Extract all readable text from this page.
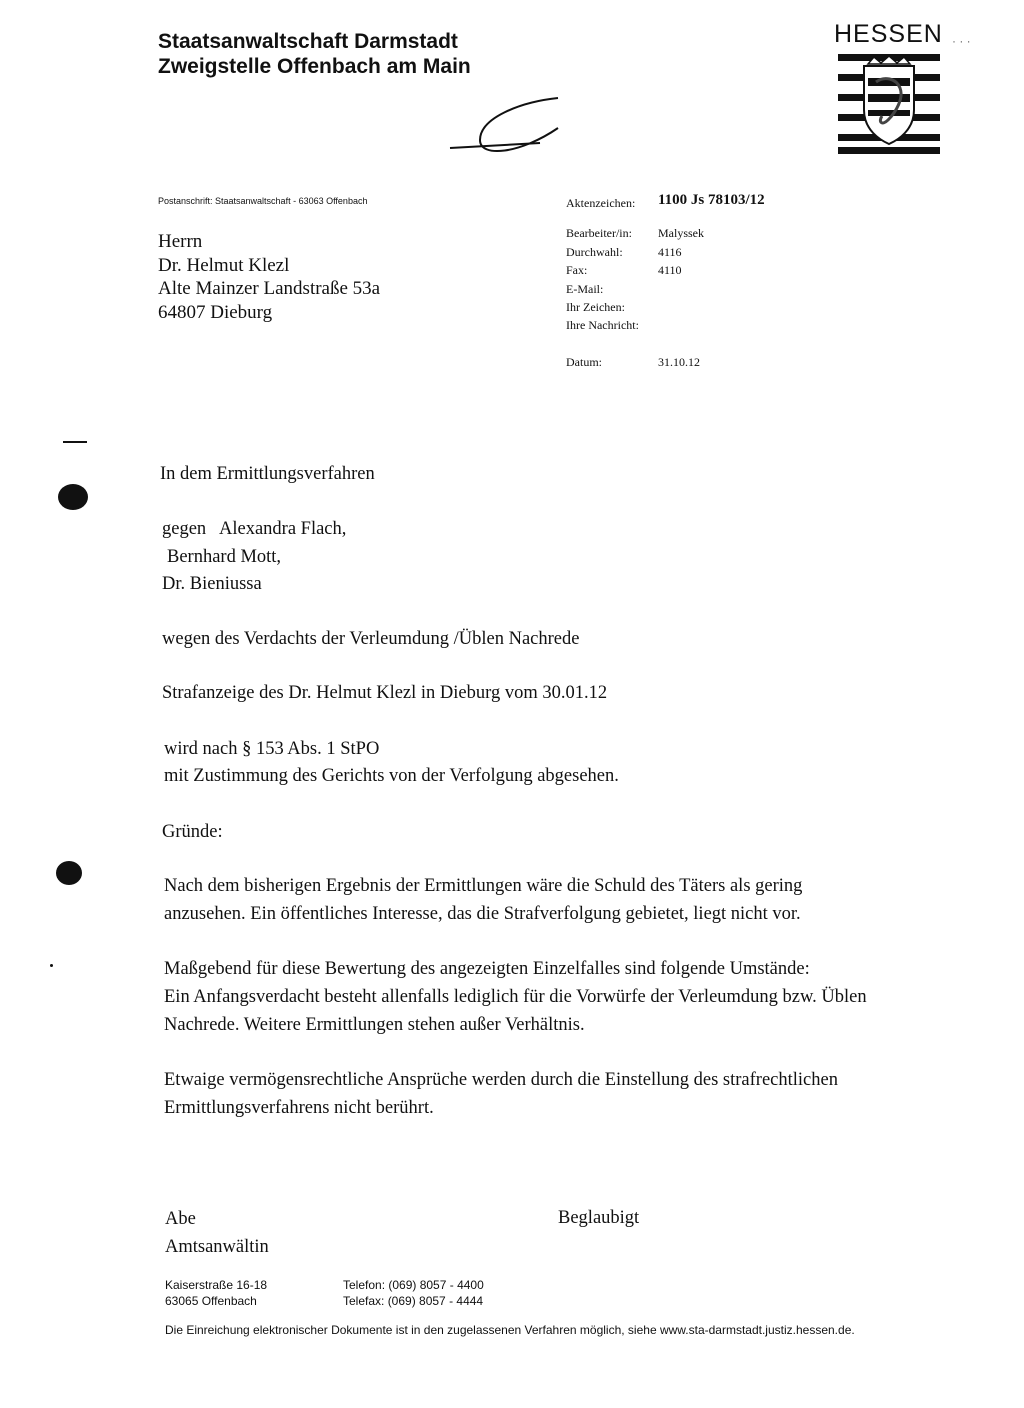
Staatsanwaltschaft Darmstadt
Zweigstelle Offenbach am Main
HESSEN · · ·
Postanschrift: Staatsanwaltschaft - 63063 Offenbach
Herrn
Dr. Helmut Klezl
Alte Mainzer Landstraße 53a
64807 Dieburg
Aktenzeichen: 1100 Js 78103/12
Bearbeiter/in: Malyssek
Durchwahl:	4116
Fax:	4110
E-Mail:
Ihr Zeichen:
Ihre Nachricht:
Datum:	31.10.12
In dem Ermittlungsverfahren
gegen Alexandra Flach,
Bernhard Mott,
Dr. Bieniussa
wegen des Verdachts der Verleumdung /Üblen Nachrede
Strafanzeige des Dr. Helmut Klezl in Dieburg vom 30.01.12
wird nach § 153 Abs. 1 StPO
mit Zustimmung des Gerichts von der Verfolgung abgesehen.
Gründe:
Nach dem bisherigen Ergebnis der Ermittlungen wäre die Schuld des Täters als gering
anzusehen. Ein öffentliches Interesse, das die Strafverfolgung gebietet, liegt nicht vor.
Maßgebend für diese Bewertung des angezeigten Einzelfalles sind folgende Umstände:
Ein Anfangsverdacht besteht allenfalls lediglich für die Vorwürfe der Verleumdung bzw. Üblen
Nachrede. Weitere Ermittlungen stehen außer Verhältnis.
Etwaige vermögensrechtliche Ansprüche werden durch die Einstellung des strafrechtlichen
Ermittlungsverfahrens nicht berührt.
Abe
Amtsanwältin
Beglaubigt
Kaiserstraße 16-18
63065 Offenbach
Telefon: (069) 8057 - 4400
Telefax: (069) 8057 - 4444
Die Einreichung elektronischer Dokumente ist in den zugelassenen Verfahren möglich, siehe www.sta-darmstadt.justiz.hessen.de.
